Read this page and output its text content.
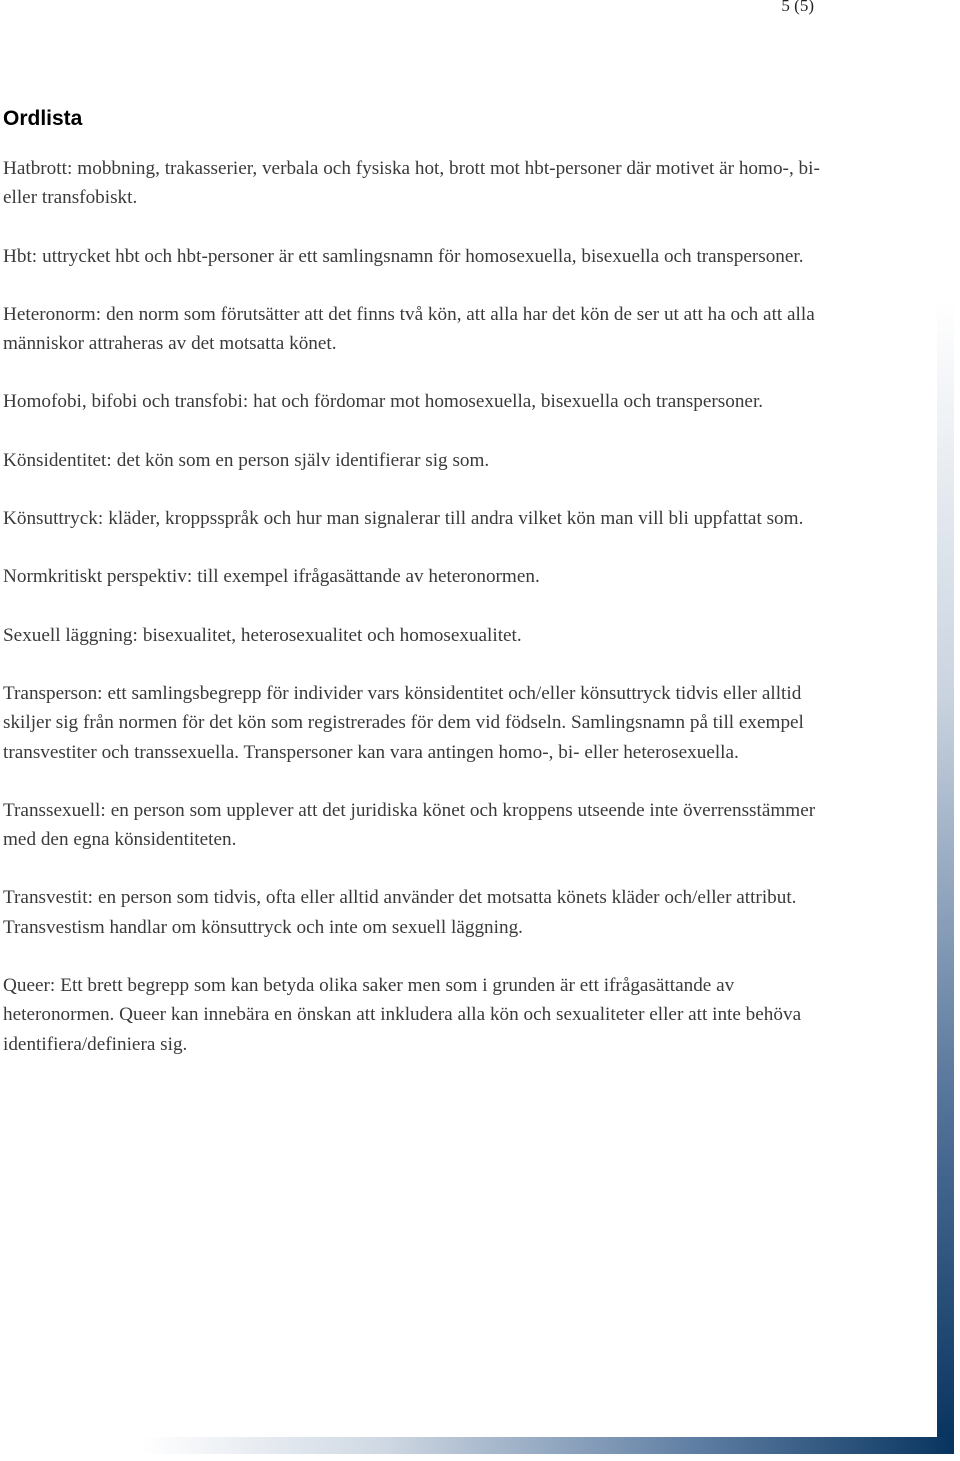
5 (5)
Ordlista
Hatbrott : mobbning, trakasserier, verbala och fysiska hot, brott mot hbt-personer där motivet är homo-, bi- eller transfobiskt.
Hbt : uttrycket hbt och hbt-personer är ett samlingsnamn för homosexuella, bisexuella och transpersoner.
Heteronorm : den norm som förutsätter att det finns två kön, att alla har det kön de ser ut att ha och att alla människor attraheras av det motsatta könet.
Homofobi, bifobi och transfobi : hat och fördomar mot homosexuella, bisexuella och transpersoner.
Könsidentitet : det kön som en person själv identifierar sig som.
Könsuttryck : kläder, kroppsspråk och hur man signalerar till andra vilket kön man vill bli uppfattat som.
Normkritiskt perspektiv : till exempel ifrågasättande av heteronormen.
Sexuell läggning : bisexualitet, heterosexualitet och homosexualitet.
Transperson : ett samlingsbegrepp för individer vars könsidentitet och/eller könsuttryck tidvis eller alltid skiljer sig från normen för det kön som registrerades för dem vid födseln. Samlingsnamn på till exempel transvestiter och transsexuella. Transpersoner kan vara antingen homo-, bi- eller heterosexuella.
Transsexuell : en person som upplever att det juridiska könet och kroppens utseende inte överrensstämmer med den egna könsidentiteten.
Transvestit : en person som tidvis, ofta eller alltid använder det motsatta könets kläder och/eller attribut. Transvestism handlar om könsuttryck och inte om sexuell läggning.
Queer : Ett brett begrepp som kan betyda olika saker men som i grunden är ett ifrågasättande av heteronormen. Queer kan innebära en önskan att inkludera alla kön och sexualiteter eller att inte behöva identifiera/definiera sig.
